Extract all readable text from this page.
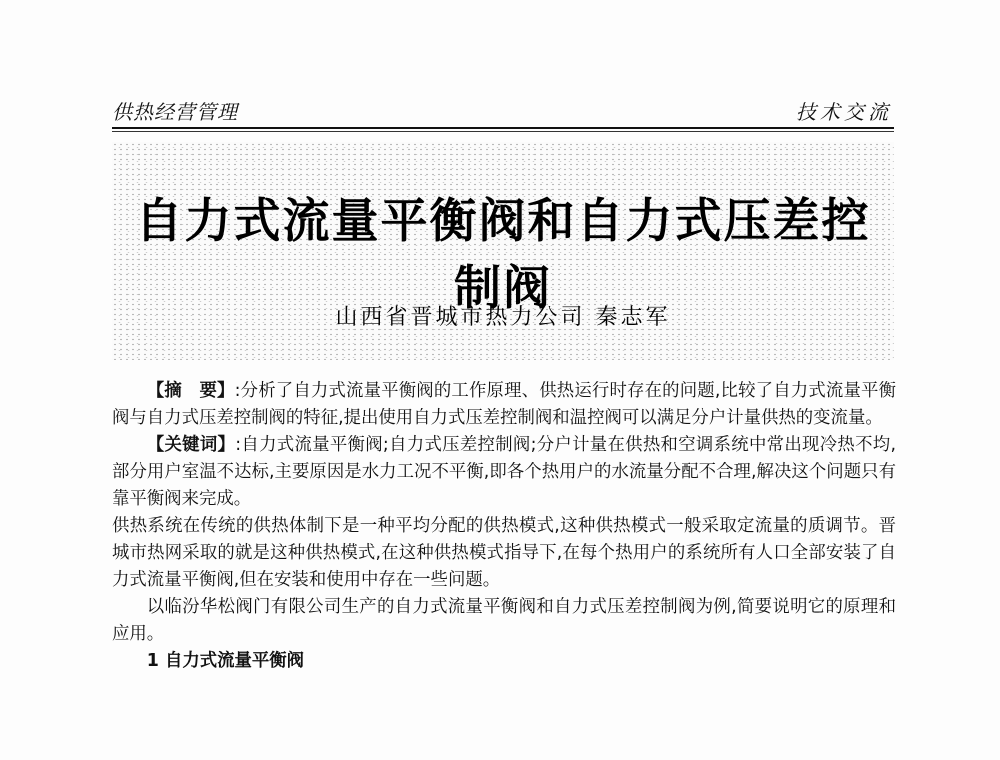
供热经营管理	技术交流
自力式流量平衡阀和自力式压差控制阀
山西省晋城市热力公司 秦志军

【摘　要】:分析了自力式流量平衡阀的工作原理、供热运行时存在的问题,比较了自力式流量平衡阀与自力式压差控制阀的特征,提出使用自力式压差控制阀和温控阀可以满足分户计量供热的变流量。

【关键词】:自力式流量平衡阀;自力式压差控制阀;分户计量在供热和空调系统中常出现冷热不均,部分用户室温不达标,主要原因是水力工况不平衡,即各个热用户的水流量分配不合理,解决这个问题只有靠平衡阀来完成。

供热系统在传统的供热体制下是一种平均分配的供热模式,这种供热模式一般采取定流量的质调节。晋城市热网采取的就是这种供热模式,在这种供热模式指导下,在每个热用户的系统所有人口全部安装了自力式流量平衡阀,但在安装和使用中存在一些问题。

以临汾华松阀门有限公司生产的自力式流量平衡阀和自力式压差控制阀为例,简要说明它的原理和应用。

1 自力式流量平衡阀
